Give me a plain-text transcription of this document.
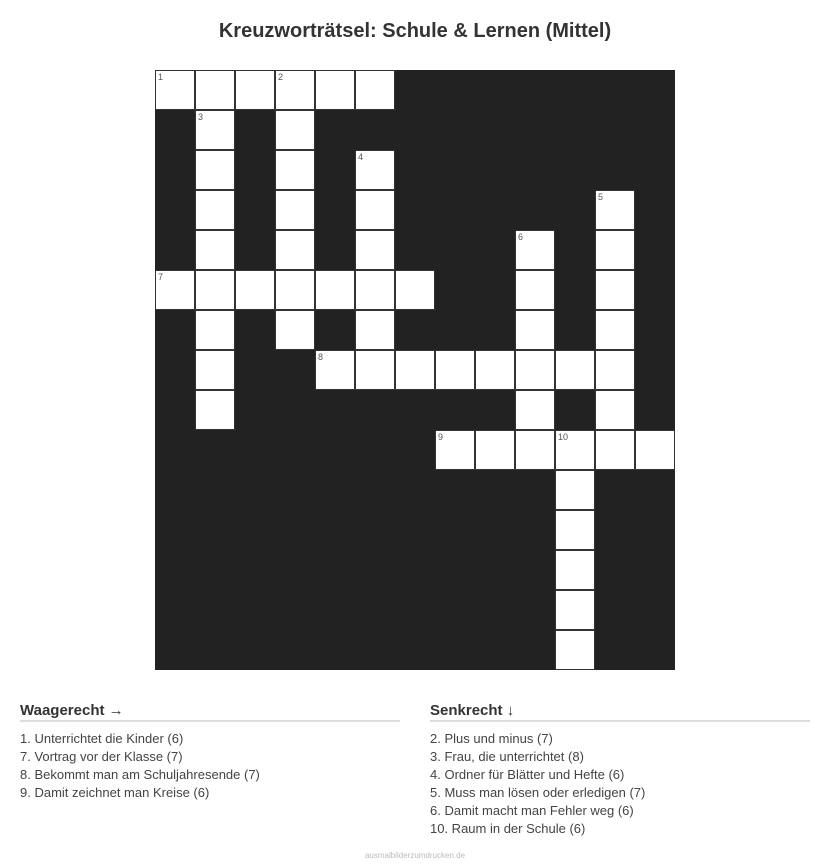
Kreuzworträtsel: Schule & Lernen (Mittel)
1	2
3
4
5
6
7
8
9	10
Waagerecht →
1. Unterrichtet die Kinder (6)
7. Vortrag vor der Klasse (7)
8. Bekommt man am Schuljahresende (7)
9. Damit zeichnet man Kreise (6)
Senkrecht ↓
2. Plus und minus (7)
3. Frau, die unterrichtet (8)
4. Ordner für Blätter und Hefte (6)
5. Muss man lösen oder erledigen (7)
6. Damit macht man Fehler weg (6)
10. Raum in der Schule (6)
ausmalbilderzumdrucken.de
